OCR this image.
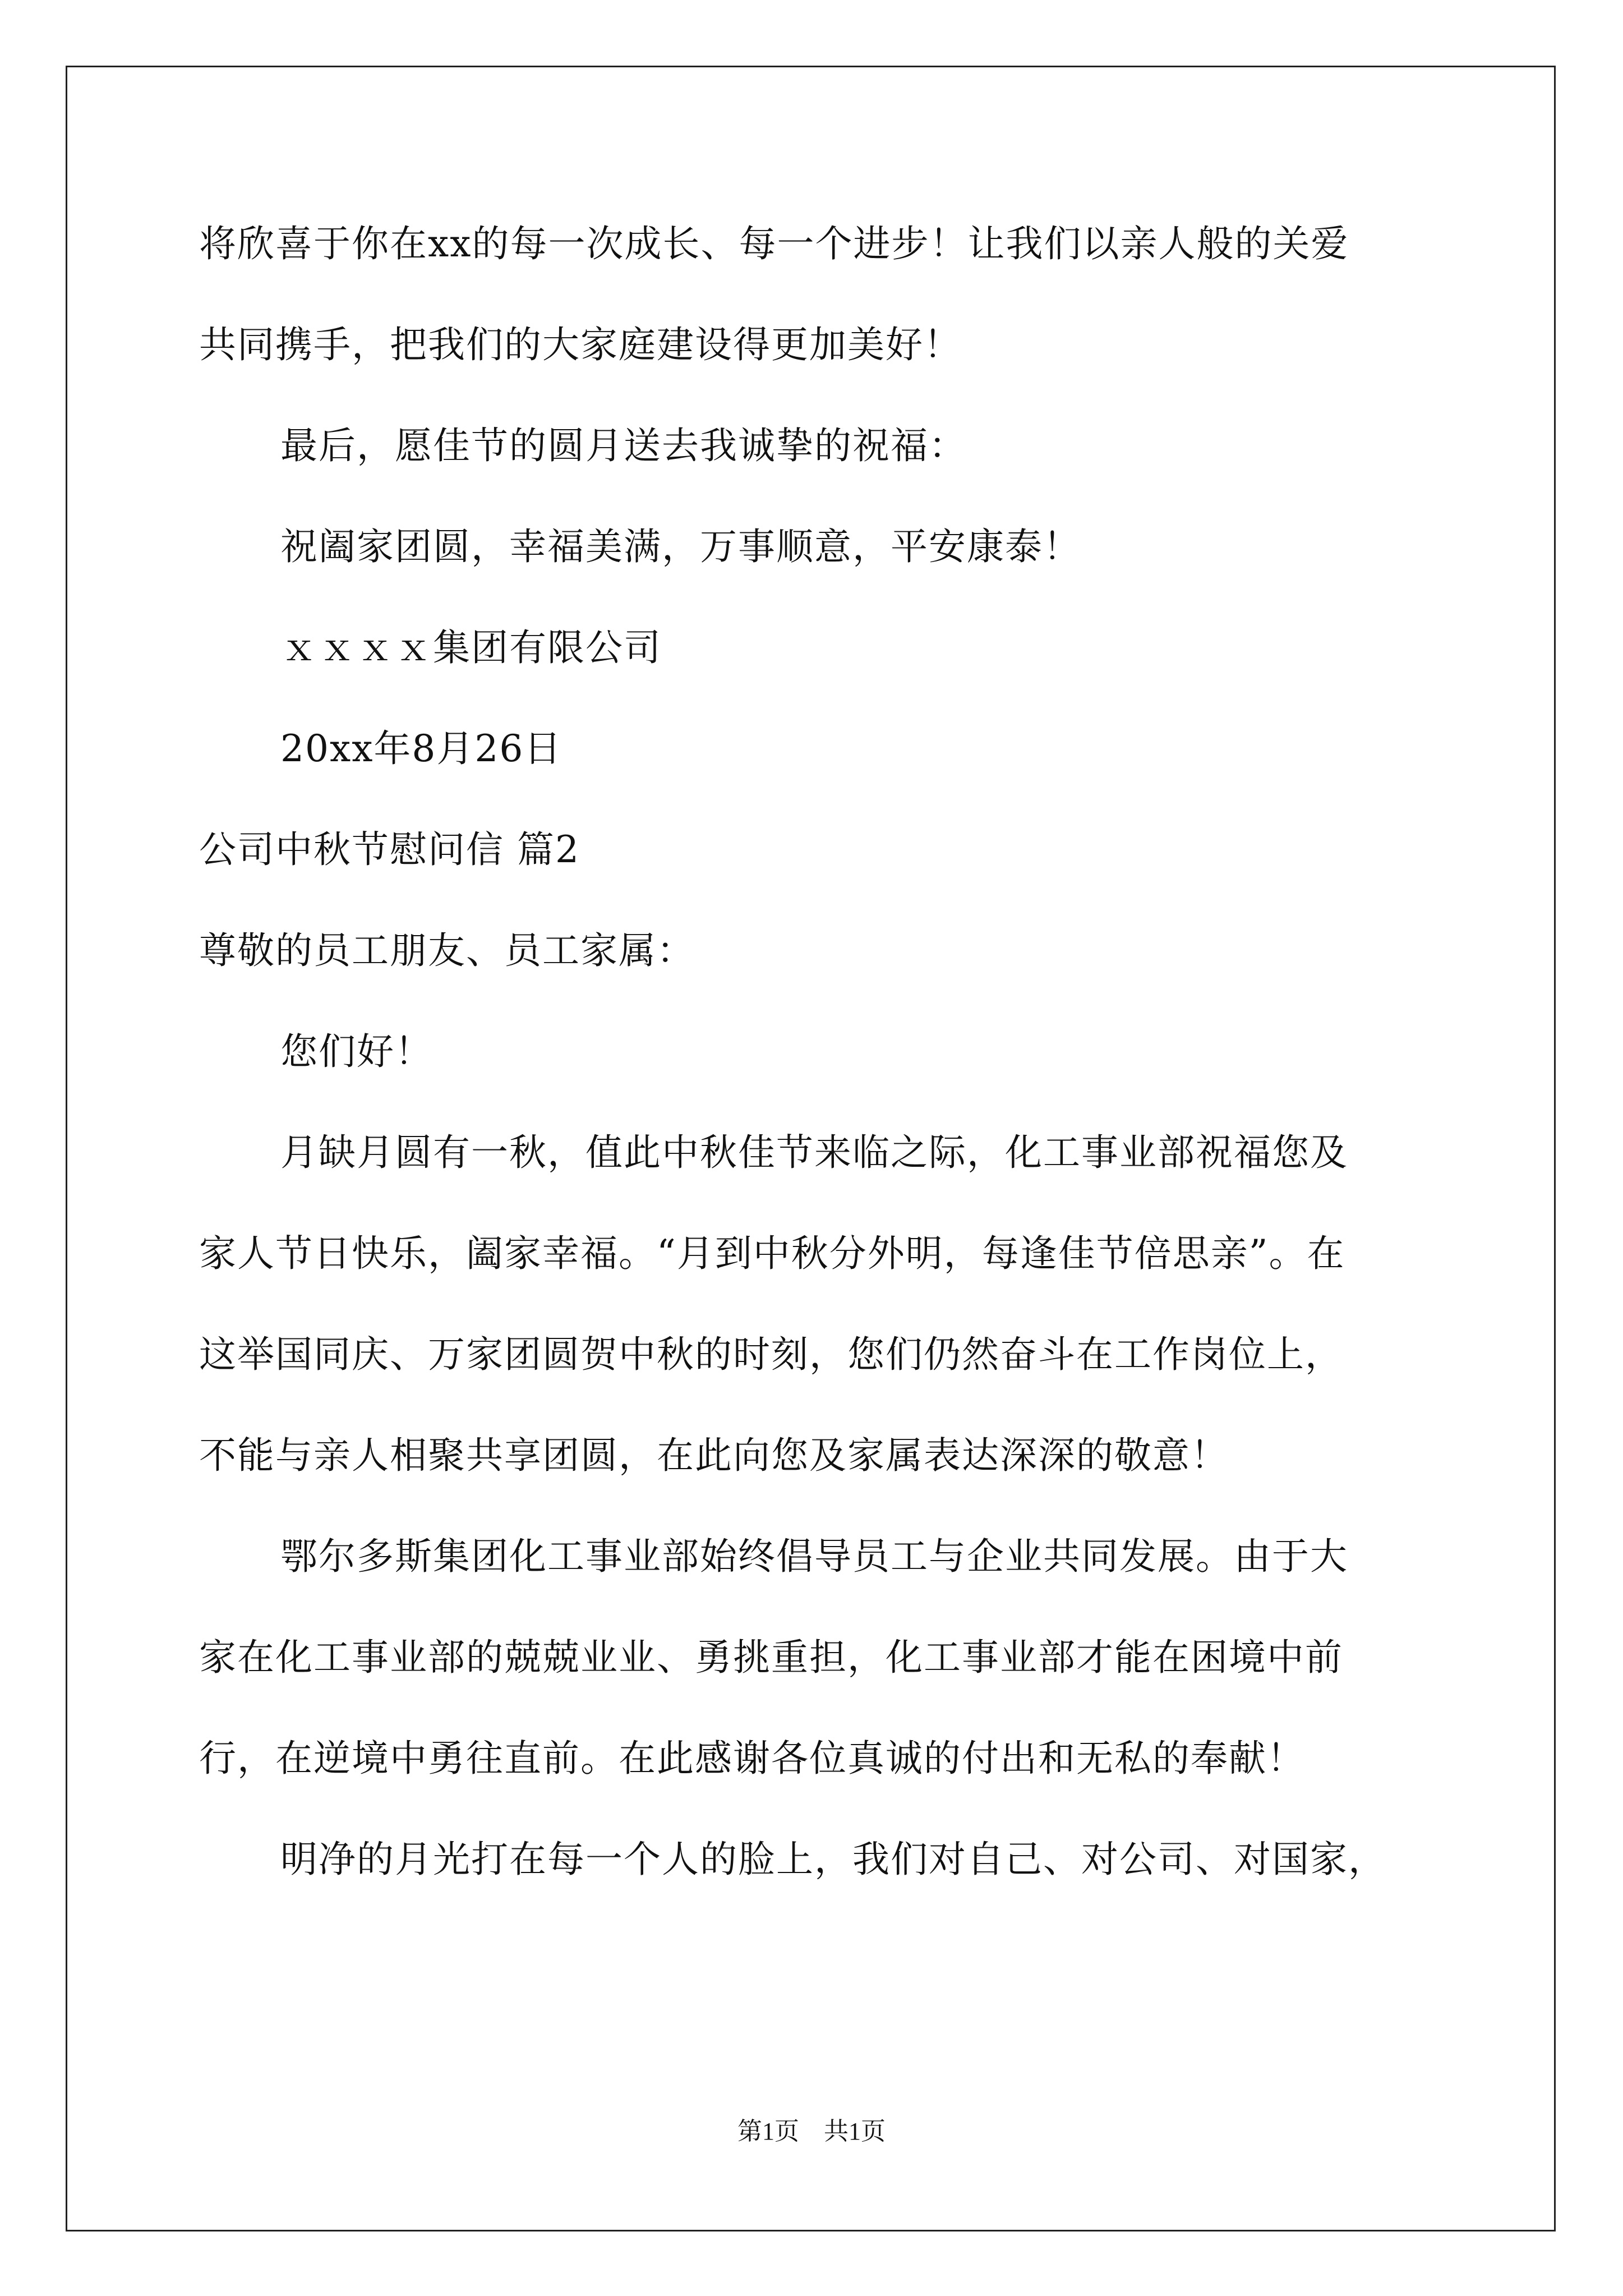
将欣喜于你在xx的每一次成长、每一个进步！让我们以亲人般的关爱
共同携手，把我们的大家庭建设得更加美好！
最后，愿佳节的圆月送去我诚挚的祝福：
祝阖家团圆，幸福美满，万事顺意，平安康泰！
ｘｘｘｘ集团有限公司
20xx年8月26日
公司中秋节慰问信 篇2
尊敬的员工朋友、员工家属：
您们好！
月缺月圆有一秋，值此中秋佳节来临之际，化工事业部祝福您及
家人节日快乐，阖家幸福。“月到中秋分外明，每逢佳节倍思亲”。在
这举国同庆、万家团圆贺中秋的时刻，您们仍然奋斗在工作岗位上，
不能与亲人相聚共享团圆，在此向您及家属表达深深的敬意！
鄂尔多斯集团化工事业部始终倡导员工与企业共同发展。由于大
家在化工事业部的兢兢业业、勇挑重担，化工事业部才能在困境中前
行，在逆境中勇往直前。在此感谢各位真诚的付出和无私的奉献！
明净的月光打在每一个人的脸上，我们对自己、对公司、对国家，
第1页　共1页
